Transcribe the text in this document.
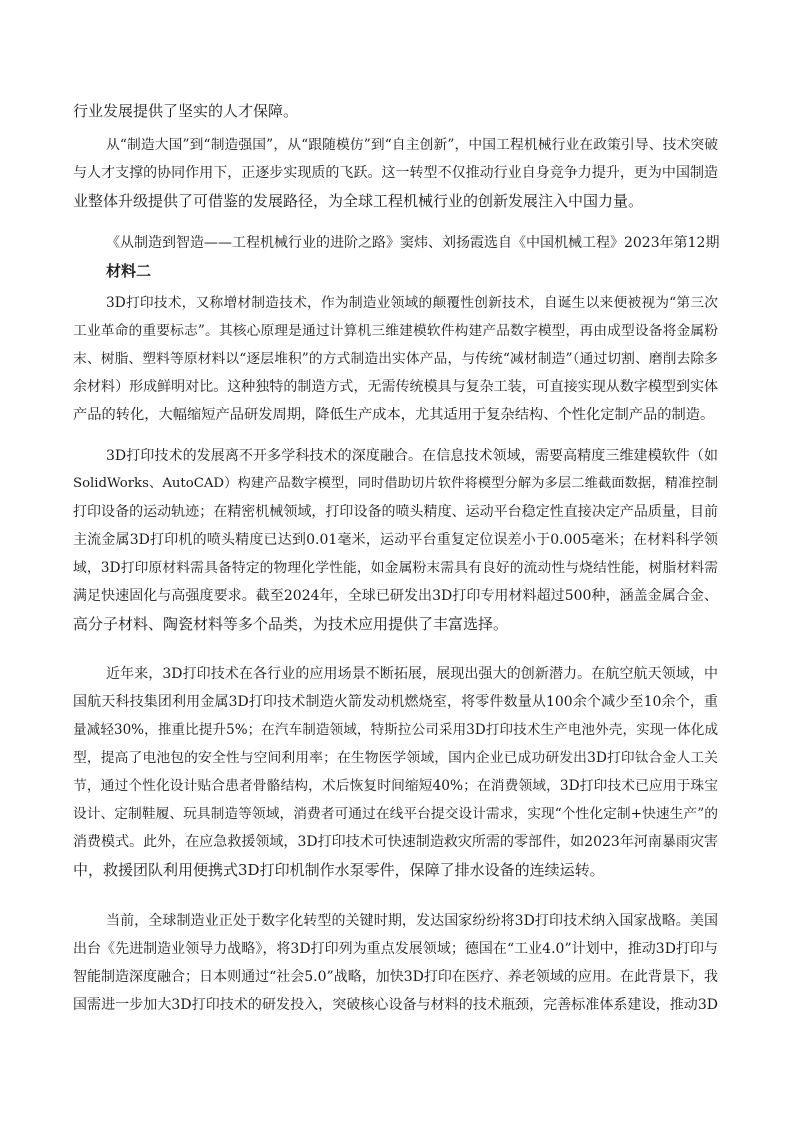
行业发展提供了坚实的人才保障。
从“制造大国”到“制造强国”，从“跟随模仿”到“自主创新”，中国工程机械行业在政策引导、技术突破
与人才支撑的协同作用下，正逐步实现质的飞跃。这一转型不仅推动行业自身竞争力提升，更为中国制造
业整体升级提供了可借鉴的发展路径，为全球工程机械行业的创新发展注入中国力量。
《从制造到智造——工程机械行业的进阶之路》窦炜、刘扬霞选自《中国机械工程》2023年第12期
材料二
3D打印技术，又称增材制造技术，作为制造业领域的颠覆性创新技术，自诞生以来便被视为“第三次
工业革命的重要标志”。其核心原理是通过计算机三维建模软件构建产品数字模型，再由成型设备将金属粉
末、树脂、塑料等原材料以“逐层堆积”的方式制造出实体产品，与传统“减材制造”（通过切割、磨削去除多
余材料）形成鲜明对比。这种独特的制造方式，无需传统模具与复杂工装，可直接实现从数字模型到实体
产品的转化，大幅缩短产品研发周期，降低生产成本，尤其适用于复杂结构、个性化定制产品的制造。
3D打印技术的发展离不开多学科技术的深度融合。在信息技术领域，需要高精度三维建模软件（如
SolidWorks、AutoCAD）构建产品数字模型，同时借助切片软件将模型分解为多层二维截面数据，精准控制
打印设备的运动轨迹；在精密机械领域，打印设备的喷头精度、运动平台稳定性直接决定产品质量，目前
主流金属3D打印机的喷头精度已达到0.01毫米，运动平台重复定位误差小于0.005毫米；在材料科学领
域，3D打印原材料需具备特定的物理化学性能，如金属粉末需具有良好的流动性与烧结性能，树脂材料需
满足快速固化与高强度要求。截至2024年，全球已研发出3D打印专用材料超过500种，涵盖金属合金、
高分子材料、陶瓷材料等多个品类，为技术应用提供了丰富选择。
近年来，3D打印技术在各行业的应用场景不断拓展，展现出强大的创新潜力。在航空航天领域，中
国航天科技集团利用金属3D打印技术制造火箭发动机燃烧室，将零件数量从100余个减少至10余个，重
量减轻30%，推重比提升5%；在汽车制造领域，特斯拉公司采用3D打印技术生产电池外壳，实现一体化成
型，提高了电池包的安全性与空间利用率；在生物医学领域，国内企业已成功研发出3D打印钛合金人工关
节，通过个性化设计贴合患者骨骼结构，术后恢复时间缩短40%；在消费领域，3D打印技术已应用于珠宝
设计、定制鞋履、玩具制造等领域，消费者可通过在线平台提交设计需求，实现“个性化定制+快速生产”的
消费模式。此外，在应急救援领域，3D打印技术可快速制造救灾所需的零部件，如2023年河南暴雨灾害
中，救援团队利用便携式3D打印机制作水泵零件，保障了排水设备的连续运转。
当前，全球制造业正处于数字化转型的关键时期，发达国家纷纷将3D打印技术纳入国家战略。美国
出台《先进制造业领导力战略》，将3D打印列为重点发展领域；德国在“工业4.0”计划中，推动3D打印与
智能制造深度融合；日本则通过“社会5.0”战略，加快3D打印在医疗、养老领域的应用。在此背景下，我
国需进一步加大3D打印技术的研发投入，突破核心设备与材料的技术瓶颈，完善标准体系建设，推动3D
